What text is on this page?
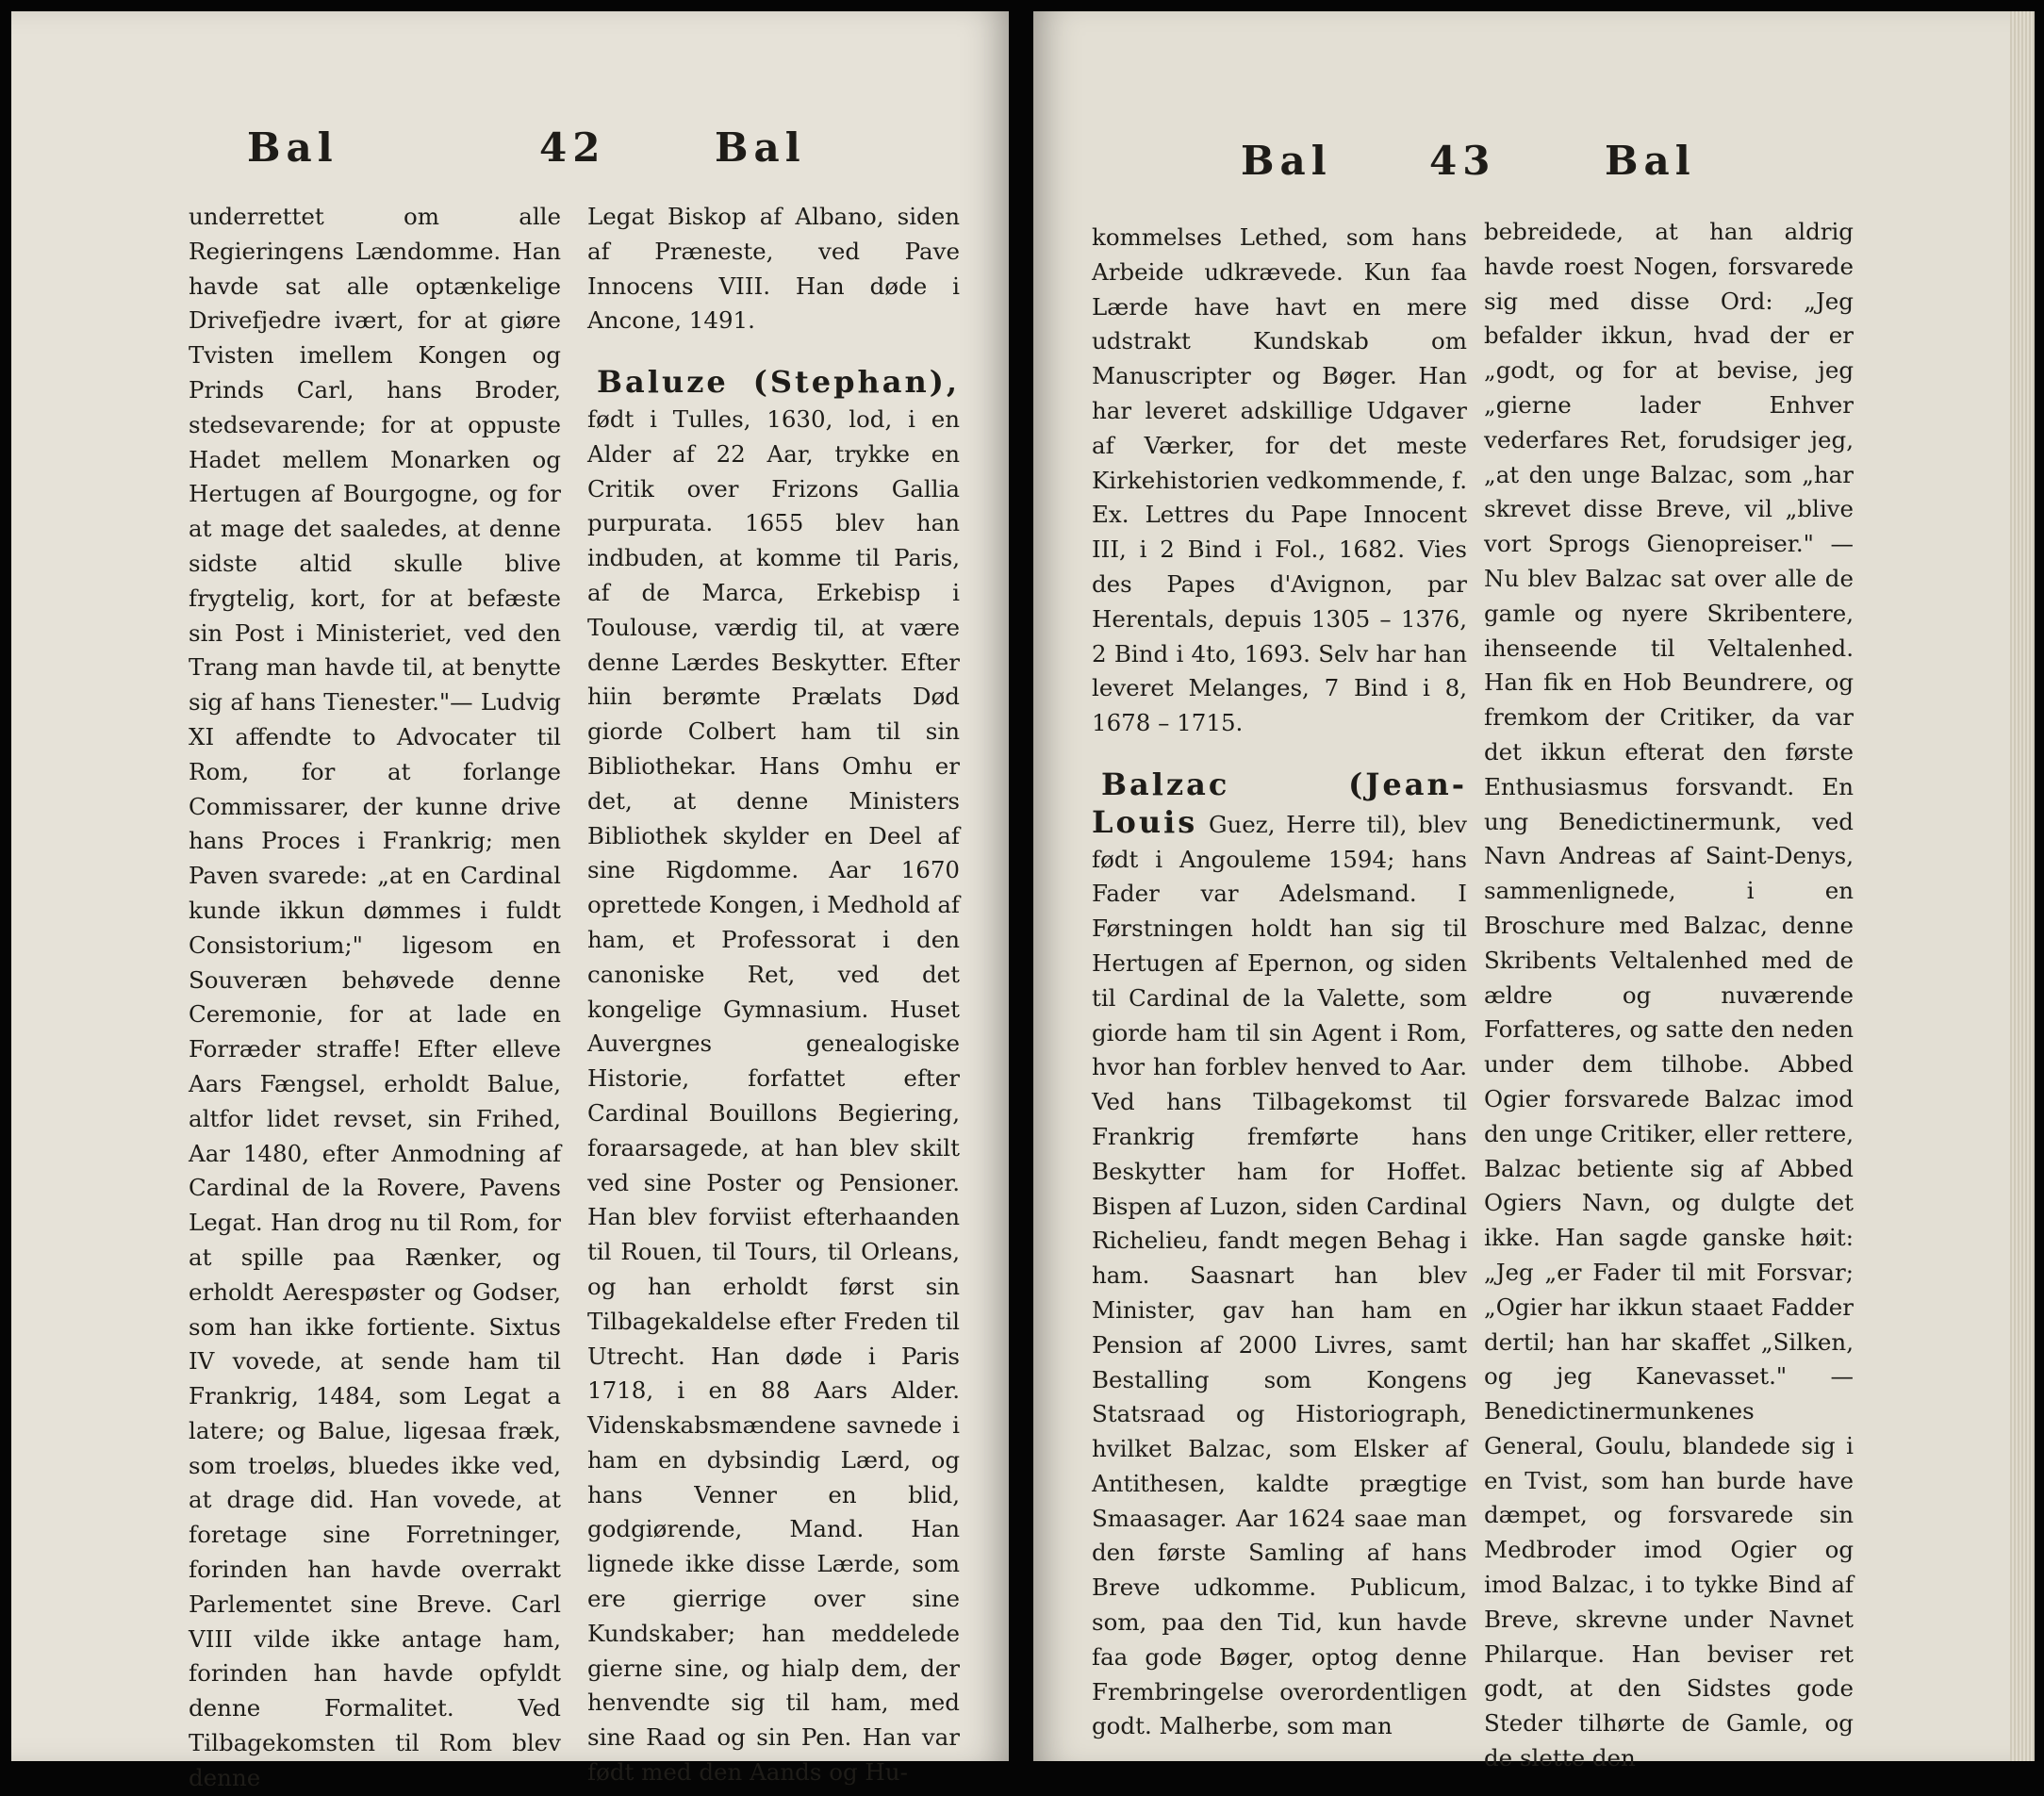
Bal	42	Bal

underrettet om alle Regieringens Lændomme. Han havde sat alle optænkelige Drivefjedre ivært, for at giøre Tvisten imellem Kongen og Prinds Carl, hans Broder, stedsevarende; for at oppuste Hadet mellem Monarken og Hertugen af Bourgogne, og for at mage det saaledes, at denne sidste altid skulle blive frygtelig, kort, for at befæste sin Post i Ministeriet, ved den Trang man havde til, at benytte sig af hans Tienester."— Ludvig XI affendte to Advocater til Rom, for at forlange Commissarer, der kunne drive hans Proces i Frankrig; men Paven svarede: „at en Cardinal kunde ikkun dømmes i fuldt Consistorium;" ligesom en Souveræn behøvede denne Ceremonie, for at lade en Forræder straffe! Efter elleve Aars Fængsel, erholdt Balue, altfor lidet revset, sin Frihed, Aar 1480, efter Anmodning af Cardinal de la Rovere, Pavens Legat. Han drog nu til Rom, for at spille paa Rænker, og erholdt Aerespøster og Godser, som han ikke fortiente. Sixtus IV vovede, at sende ham til Frankrig, 1484, som Legat a latere; og Balue, ligesaa fræk, som troeløs, bluedes ikke ved, at drage did. Han vovede, at foretage sine Forretninger, forinden han havde overrakt Parlementet sine Breve. Carl VIII vilde ikke antage ham, forinden han havde opfyldt denne Formalitet. Ved Tilbagekomsten til Rom blev denne

Legat Biskop af Albano, siden af Præneste, ved Pave Innocens VIII. Han døde i Ancone, 1491.

Baluze (Stephan), født i Tulles, 1630, lod, i en Alder af 22 Aar, trykke en Critik over Frizons Gallia purpurata. 1655 blev han indbuden, at komme til Paris, af de Marca, Erkebisp i Toulouse, værdig til, at være denne Lærdes Beskytter. Efter hiin berømte Prælats Død giorde Colbert ham til sin Bibliothekar. Hans Omhu er det, at denne Ministers Bibliothek skylder en Deel af sine Rigdomme. Aar 1670 oprettede Kongen, i Medhold af ham, et Professorat i den canoniske Ret, ved det kongelige Gymnasium. Huset Auvergnes genealogiske Historie, forfattet efter Cardinal Bouillons Begiering, foraarsagede, at han blev skilt ved sine Poster og Pensioner. Han blev forviist efterhaanden til Rouen, til Tours, til Orleans, og han erholdt først sin Tilbagekaldelse efter Freden til Utrecht. Han døde i Paris 1718, i en 88 Aars Alder. Videnskabsmændene savnede i ham en dybsindig Lærd, og hans Venner en blid, godgiørende, Mand. Han lignede ikke disse Lærde, som ere gierrige over sine Kundskaber; han meddelede gierne sine, og hialp dem, der henvendte sig til ham, med sine Raad og sin Pen. Han var født med den Aands og Hu-

Bal 43	Bal

kommelses Lethed, som hans Arbeide udkrævede. Kun faa Lærde have havt en mere udstrakt Kundskab om Manuscripter og Bøger. Han har leveret adskillige Udgaver af Værker, for det meste Kirkehistorien vedkommende, f. Ex. Lettres du Pape Innocent III, i 2 Bind i Fol., 1682. Vies des Papes d'Avignon, par Herentals, depuis 1305 – 1376, 2 Bind i 4to, 1693. Selv har han leveret Melanges, 7 Bind i 8, 1678 – 1715.

Balzac (Jean-Louis Guez, Herre til), blev født i Angouleme 1594; hans Fader var Adelsmand. I Førstningen holdt han sig til Hertugen af Epernon, og siden til Cardinal de la Valette, som giorde ham til sin Agent i Rom, hvor han forblev henved to Aar. Ved hans Tilbagekomst til Frankrig fremførte hans Beskytter ham for Hoffet. Bispen af Luzon, siden Cardinal Richelieu, fandt megen Behag i ham. Saasnart han blev Minister, gav han ham en Pension af 2000 Livres, samt Bestalling som Kongens Statsraad og Historiograph, hvilket Balzac, som Elsker af Antithesen, kaldte prægtige Smaasager. Aar 1624 saae man den første Samling af hans Breve udkomme. Publicum, som, paa den Tid, kun havde faa gode Bøger, optog denne Frembringelse overordentligen godt. Malherbe, som man

bebreidede, at han aldrig havde roest Nogen, forsvarede sig med disse Ord: „Jeg befalder ikkun, hvad der er „godt, og for at bevise, jeg „gierne lader Enhver vederfares Ret, forudsiger jeg, „at den unge Balzac, som „har skrevet disse Breve, vil „blive vort Sprogs Gienopreiser." — Nu blev Balzac sat over alle de gamle og nyere Skribentere, ihenseende til Veltalenhed. Han fik en Hob Beundrere, og fremkom der Critiker, da var det ikkun efterat den første Enthusiasmus forsvandt. En ung Benedictinermunk, ved Navn Andreas af Saint-Denys, sammenlignede, i en Broschure med Balzac, denne Skribents Veltalenhed med de ældre og nuværende Forfatteres, og satte den neden under dem tilhobe. Abbed Ogier forsvarede Balzac imod den unge Critiker, eller rettere, Balzac betiente sig af Abbed Ogiers Navn, og dulgte det ikke. Han sagde ganske høit: „Jeg „er Fader til mit Forsvar; „Ogier har ikkun staaet Fadder dertil; han har skaffet „Silken, og jeg Kanevasset." — Benedictinermunkenes General, Goulu, blandede sig i en Tvist, som han burde have dæmpet, og forsvarede sin Medbroder imod Ogier og imod Balzac, i to tykke Bind af Breve, skrevne under Navnet Philarque. Han beviser ret godt, at den Sidstes gode Steder tilhørte de Gamle, og de slette den
